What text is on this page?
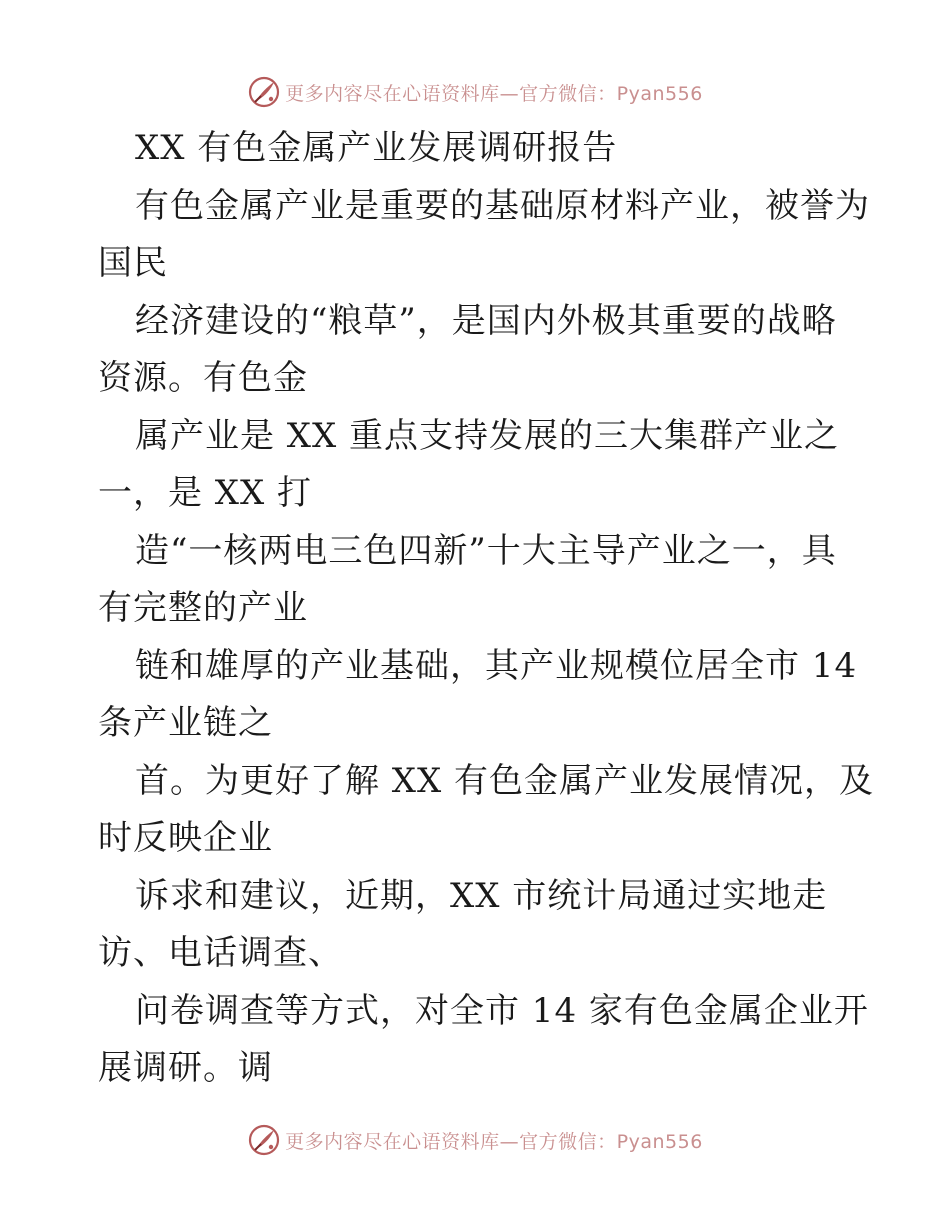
更多内容尽在心语资料库—官方微信：Pyan556
XX 有色金属产业发展调研报告
有色金属产业是重要的基础原材料产业，被誉为
国民
经济建设的“粮草”，是国内外极其重要的战略
资源。有色金
属产业是 XX 重点支持发展的三大集群产业之
一，是 XX 打
造“一核两电三色四新”十大主导产业之一，具
有完整的产业
链和雄厚的产业基础，其产业规模位居全市 14
条产业链之
首。为更好了解 XX 有色金属产业发展情况，及
时反映企业
诉求和建议，近期，XX 市统计局通过实地走
访、电话调查、
问卷调查等方式，对全市 14 家有色金属企业开
展调研。调
更多内容尽在心语资料库—官方微信：Pyan556
